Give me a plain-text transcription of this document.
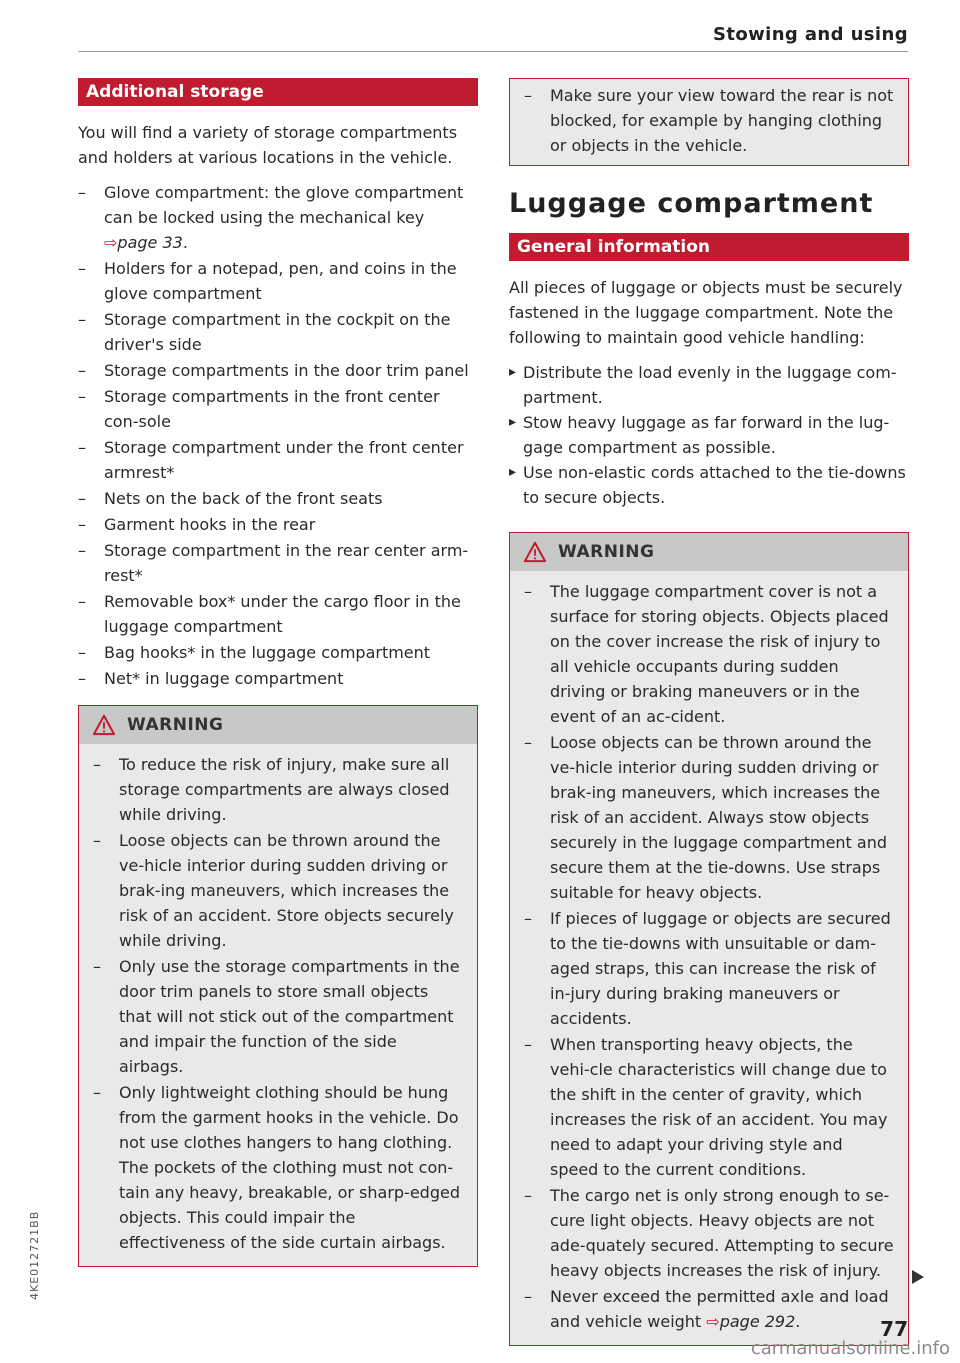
Stowing and using
4KE012721BB
Additional storage

You will find a variety of storage compartments and holders at various locations in the vehicle.

– Glove compartment: the glove compartment can be locked using the mechanical key ⇨page 33.
– Holders for a notepad, pen, and coins in the glove compartment
– Storage compartment in the cockpit on the driver's side
– Storage compartments in the door trim panel
– Storage compartments in the front center con-sole
– Storage compartment under the front center armrest*
– Nets on the back of the front seats
– Garment hooks in the rear
– Storage compartment in the rear center arm-rest*
– Removable box* under the cargo floor in the luggage compartment
– Bag hooks* in the luggage compartment
– Net* in luggage compartment
WARNING
– To reduce the risk of injury, make sure all storage compartments are always closed while driving.
– Loose objects can be thrown around the ve-hicle interior during sudden driving or brak-ing maneuvers, which increases the risk of an accident. Store objects securely while driving.
– Only use the storage compartments in the door trim panels to store small objects that will not stick out of the compartment and impair the function of the side airbags.
– Only lightweight clothing should be hung from the garment hooks in the vehicle. Do not use clothes hangers to hang clothing. The pockets of the clothing must not con-tain any heavy, breakable, or sharp-edged objects. This could impair the effectiveness of the side curtain airbags.
– Make sure your view toward the rear is not blocked, for example by hanging clothing or objects in the vehicle.
Luggage compartment
General information

All pieces of luggage or objects must be securely fastened in the luggage compartment. Note the following to maintain good vehicle handling:

▸ Distribute the load evenly in the luggage com-partment.
▸ Stow heavy luggage as far forward in the lug-gage compartment as possible.
▸ Use non-elastic cords attached to the tie-downs to secure objects.
WARNING
– The luggage compartment cover is not a surface for storing objects. Objects placed on the cover increase the risk of injury to all vehicle occupants during sudden driving or braking maneuvers or in the event of an ac-cident.
– Loose objects can be thrown around the ve-hicle interior during sudden driving or brak-ing maneuvers, which increases the risk of an accident. Always stow objects securely in the luggage compartment and secure them at the tie-downs. Use straps suitable for heavy objects.
– If pieces of luggage or objects are secured to the tie-downs with unsuitable or dam-aged straps, this can increase the risk of in-jury during braking maneuvers or accidents.
– When transporting heavy objects, the vehi-cle characteristics will change due to the shift in the center of gravity, which increases the risk of an accident. You may need to adapt your driving style and speed to the current conditions.
– The cargo net is only strong enough to se-cure light objects. Heavy objects are not ade-quately secured. Attempting to secure heavy objects increases the risk of injury.
– Never exceed the permitted axle and load and vehicle weight ⇨page 292.	77
carmanualsonline.info
